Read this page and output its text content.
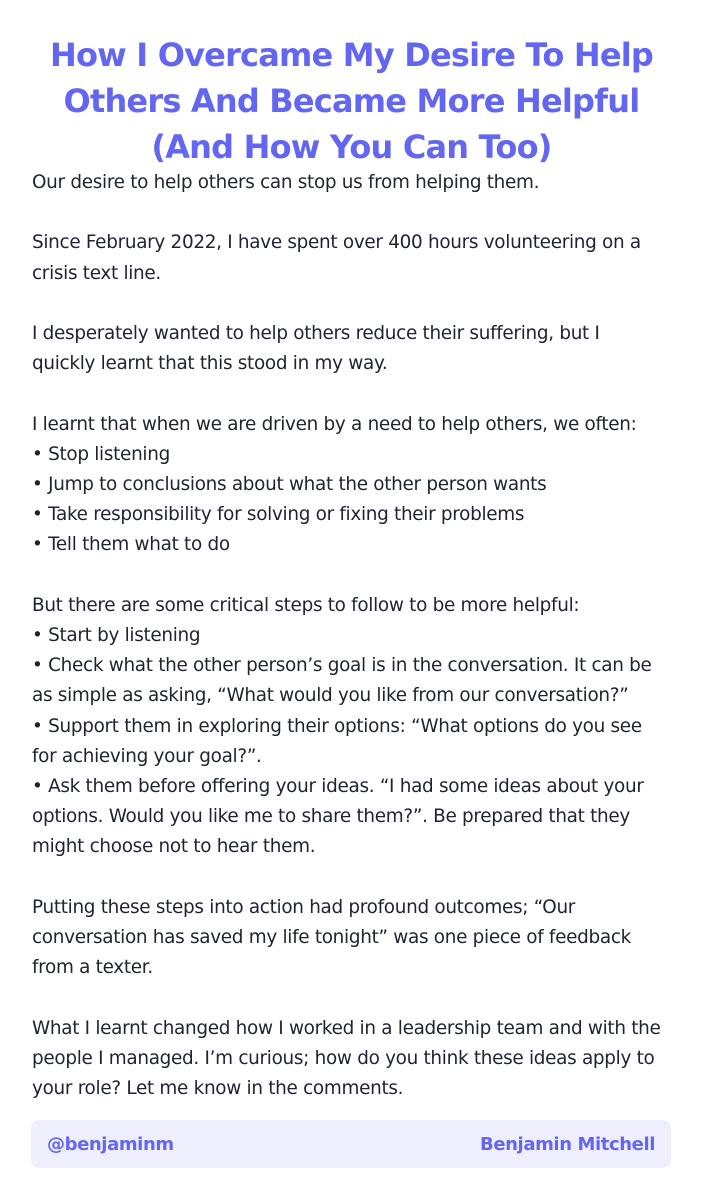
How I Overcame My Desire To Help
Others And Became More Helpful
(And How You Can Too)
Our desire to help others can stop us from helping them.
Since February 2022, I have spent over 400 hours volunteering on a
crisis text line.
I desperately wanted to help others reduce their suffering, but I
quickly learnt that this stood in my way.
I learnt that when we are driven by a need to help others, we often:
• Stop listening
• Jump to conclusions about what the other person wants
• Take responsibility for solving or fixing their problems
• Tell them what to do
But there are some critical steps to follow to be more helpful:
• Start by listening
• Check what the other person’s goal is in the conversation. It can be
as simple as asking, “What would you like from our conversation?”
• Support them in exploring their options: “What options do you see
for achieving your goal?”.
• Ask them before offering your ideas. “I had some ideas about your
options. Would you like me to share them?”. Be prepared that they
might choose not to hear them.
Putting these steps into action had profound outcomes; “Our
conversation has saved my life tonight” was one piece of feedback
from a texter.
What I learnt changed how I worked in a leadership team and with the
people I managed. I’m curious; how do you think these ideas apply to
your role? Let me know in the comments.
@benjaminm	Benjamin Mitchell
